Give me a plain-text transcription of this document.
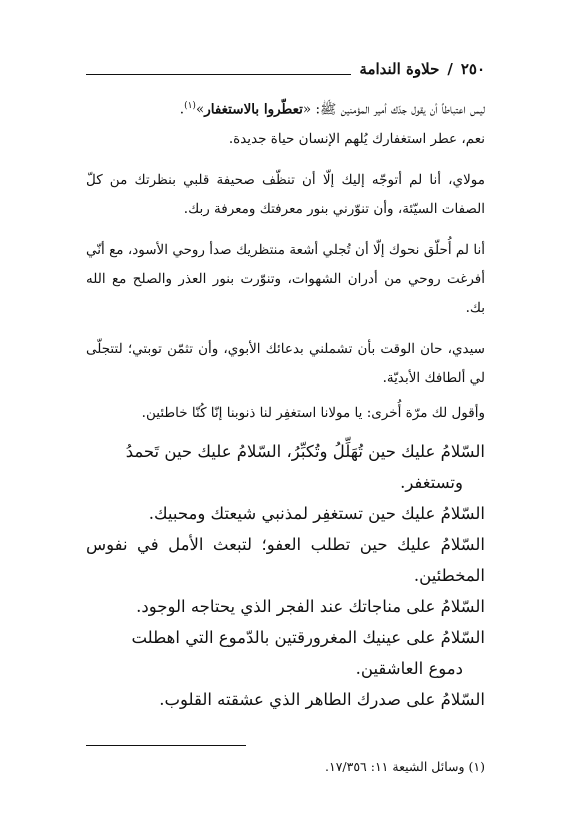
٢٥٠
/
حلاوة الندامة

ليس اعتباطاً أن يقول جدّك أمير المؤمنين ﷺ: «تعطّروا بالاستغفار»$^{(١)}$.

نعم، عطر استغفارك يُلهم الإنسان حياة جديدة.

مولاي، أنا لم أتوجّه إليك إلّا أن تنظّف صحيفة قلبي بنظرتك من كلّ الصفات السيّئة، وأن تنوّرني بنور معرفتك ومعرفة ربك.

أنا لم أُحلّق نحوك إلّا أن تُجلي أشعة منتظريك صدأ روحي الأسود، مع أنّي أفرغت روحي من أدران الشهوات، وتنوّرت بنور العذر والصلح مع الله بك.

سيدي، حان الوقت بأن تشملني بدعائك الأبوي، وأن تثمّن توبتي؛ لتتجلّى لي ألطافك الأبديّة.

وأقول لك مرّة أُخرى: يا مولانا استغفِر لنا ذنوبنا إنّا كُنّا خاطئين.

السّلامُ عليك حين تُهَلِّلُ وتُكبِّرُ، السّلامُ عليك حين تَحمدُ
وتستغفر.

السّلامُ عليك حين تستغفِر لمذنبي شيعتك ومحبيك.

السّلامُ عليك حين تطلب العفو؛ لتبعث الأمل في نفوس المخطئين.

السّلامُ على مناجاتك عند الفجر الذي يحتاجه الوجود.

السّلامُ على عينيك المغرورقتين بالدّموع التي اهطلت
دموع العاشقين.

السّلامُ على صدرك الطاهر الذي عشقته القلوب.

(١) وسائل الشيعة ١١: ١٧/٣٥٦.
